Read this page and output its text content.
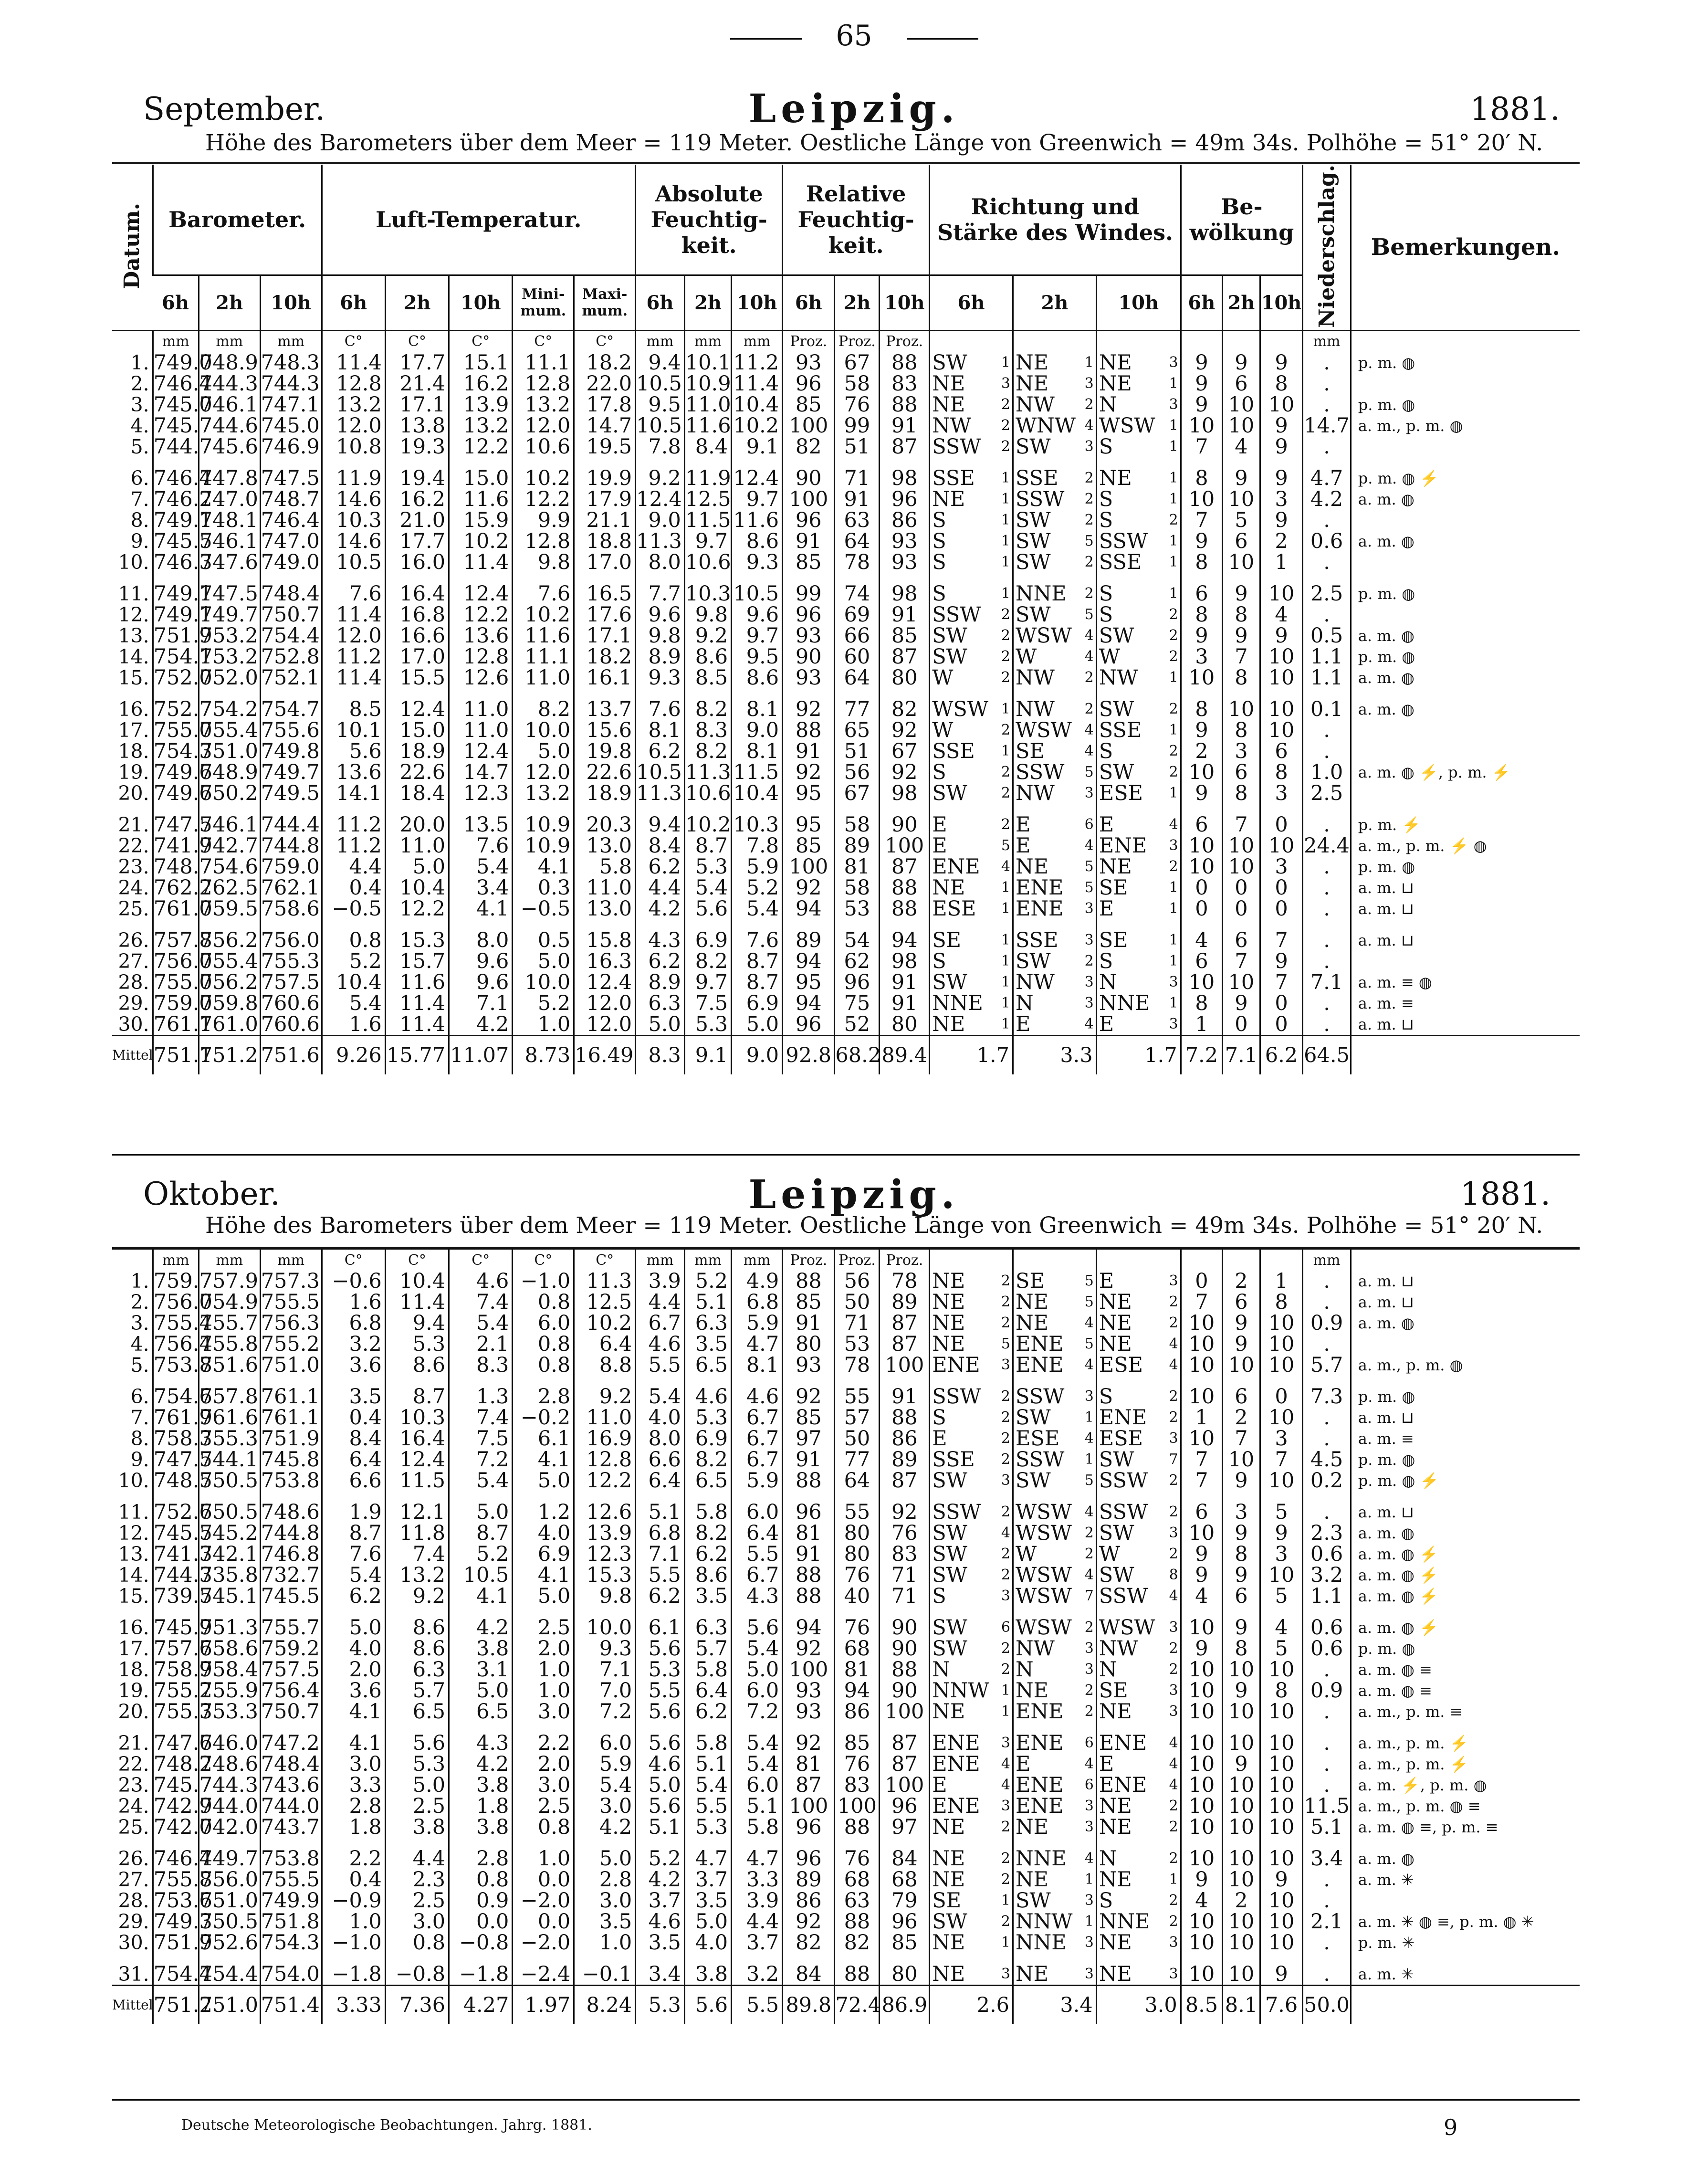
65
September.	Leipzig.	1881.
Höhe des Barometers über dem Meer = 119 Meter. Oestliche Länge von Greenwich = 49m 34s. Polhöhe = 51° 20′ N.
Datum.	Barometer.			Luft-Temperatur.					Absolute Feuchtig- keit.			Relative Feuchtig- keit.			Richtung und Stärke des Windes.			Be- wölkung			Niederschlag.	Bemerkungen.
	6h	2h	10h	6h	2h	10h	Mini- mum.	Maxi- mum.	6h	2h	10h	6h	2h	10h	6h	2h	10h	6h	2h	10h		
	mm	mm	mm	C°	C°	C°	C°	C°	mm	mm	mm	Proz.	Proz.	Proz.							mm	
1.	749.0	748.9	748.3	11.4	17.7	15.1	11.1	18.2	9.4	10.1	11.2	93	67	88	SW 1	NE 1	NE 3	9	9	9	.	p. m. ◍
2.	746.4	744.3	744.3	12.8	21.4	16.2	12.8	22.0	10.5	10.9	11.4	96	58	83	NE 3	NE 3	NE 1	9	6	8	.	
3.	745.0	746.1	747.1	13.2	17.1	13.9	13.2	17.8	9.5	11.0	10.4	85	76	88	NE 2	NW 2	N 3	9	10	10	.	p. m. ◍
4.	745.7	744.6	745.0	12.0	13.8	13.2	12.0	14.7	10.5	11.6	10.2	100	99	91	NW 2	WNW 4	WSW 1	10	10	9	14.7	a. m., p. m. ◍
5.	744.7	745.6	746.9	10.8	19.3	12.2	10.6	19.5	7.8	8.4	9.1	82	51	87	SSW 2	SW 3	S 1	7	4	9	.	

6.	746.4	747.8	747.5	11.9	19.4	15.0	10.2	19.9	9.2	11.9	12.4	90	71	98	SSE 1	SSE 2	NE 1	8	9	9	4.7	p. m. ◍ ⚡
7.	746.2	747.0	748.7	14.6	16.2	11.6	12.2	17.9	12.4	12.5	9.7	100	91	96	NE 1	SSW 2	S 1	10	10	3	4.2	a. m. ◍
8.	749.1	748.1	746.4	10.3	21.0	15.9	9.9	21.1	9.0	11.5	11.6	96	63	86	S 1	SW 2	S 2	7	5	9	.	
9.	745.5	746.1	747.0	14.6	17.7	10.2	12.8	18.8	11.3	9.7	8.6	91	64	93	S 1	SW 5	SSW 1	9	6	2	0.6	a. m. ◍
10.	746.3	747.6	749.0	10.5	16.0	11.4	9.8	17.0	8.0	10.6	9.3	85	78	93	S 1	SW 2	SSE 1	8	10	1	.	

11.	749.1	747.5	748.4	7.6	16.4	12.4	7.6	16.5	7.7	10.3	10.5	99	74	98	S 1	NNE 2	S 1	6	9	10	2.5	p. m. ◍
12.	749.1	749.7	750.7	11.4	16.8	12.2	10.2	17.6	9.6	9.8	9.6	96	69	91	SSW 2	SW 5	S 2	8	8	4	.	
13.	751.9	753.2	754.4	12.0	16.6	13.6	11.6	17.1	9.8	9.2	9.7	93	66	85	SW 2	WSW 4	SW 2	9	9	9	0.5	a. m. ◍
14.	754.1	753.2	752.8	11.2	17.0	12.8	11.1	18.2	8.9	8.6	9.5	90	60	87	SW 2	W 4	W 2	3	7	10	1.1	p. m. ◍
15.	752.0	752.0	752.1	11.4	15.5	12.6	11.0	16.1	9.3	8.5	8.6	93	64	80	W 2	NW 2	NW 1	10	8	10	1.1	a. m. ◍

16.	752.7	754.2	754.7	8.5	12.4	11.0	8.2	13.7	7.6	8.2	8.1	92	77	82	WSW 1	NW 2	SW 2	8	10	10	0.1	a. m. ◍
17.	755.0	755.4	755.6	10.1	15.0	11.0	10.0	15.6	8.1	8.3	9.0	88	65	92	W 2	WSW 4	SSE 1	9	8	10	.	
18.	754.3	751.0	749.8	5.6	18.9	12.4	5.0	19.8	6.2	8.2	8.1	91	51	67	SSE 1	SE 4	S 2	2	3	6	.	
19.	749.6	748.9	749.7	13.6	22.6	14.7	12.0	22.6	10.5	11.3	11.5	92	56	92	S 2	SSW 5	SW 2	10	6	8	1.0	a. m. ◍ ⚡, p. m. ⚡
20.	749.6	750.2	749.5	14.1	18.4	12.3	13.2	18.9	11.3	10.6	10.4	95	67	98	SW 2	NW 3	ESE 1	9	8	3	2.5	

21.	747.5	746.1	744.4	11.2	20.0	13.5	10.9	20.3	9.4	10.2	10.3	95	58	90	E 2	E 6	E 4	6	7	0	.	p. m. ⚡
22.	741.9	742.7	744.8	11.2	11.0	7.6	10.9	13.0	8.4	8.7	7.8	85	89	100	E 5	E 4	ENE 3	10	10	10	24.4	a. m., p. m. ⚡ ◍
23.	748.7	754.6	759.0	4.4	5.0	5.4	4.1	5.8	6.2	5.3	5.9	100	81	87	ENE 4	NE 5	NE 2	10	10	3	.	p. m. ◍
24.	762.2	762.5	762.1	0.4	10.4	3.4	0.3	11.0	4.4	5.4	5.2	92	58	88	NE 1	ENE 5	SE 1	0	0	0	.	a. m. ⊔
25.	761.0	759.5	758.6	−0.5	12.2	4.1	−0.5	13.0	4.2	5.6	5.4	94	53	88	ESE 1	ENE 3	E 1	0	0	0	.	a. m. ⊔

26.	757.8	756.2	756.0	0.8	15.3	8.0	0.5	15.8	4.3	6.9	7.6	89	54	94	SE 1	SSE 3	SE 1	4	6	7	.	a. m. ⊔
27.	756.0	755.4	755.3	5.2	15.7	9.6	5.0	16.3	6.2	8.2	8.7	94	62	98	S 1	SW 2	S 1	6	7	9	.	
28.	755.0	756.2	757.5	10.4	11.6	9.6	10.0	12.4	8.9	9.7	8.7	95	96	91	SW 1	NW 3	N 3	10	10	7	7.1	a. m. ≡ ◍
29.	759.0	759.8	760.6	5.4	11.4	7.1	5.2	12.0	6.3	7.5	6.9	94	75	91	NNE 1	N 3	NNE 1	8	9	0	.	a. m. ≡
30.	761.1	761.0	760.6	1.6	11.4	4.2	1.0	12.0	5.0	5.3	5.0	96	52	80	NE 1	E 4	E 3	1	0	0	.	a. m. ⊔
Mittel	751.1	751.2	751.6	9.26	15.77	11.07	8.73	16.49	8.3	9.1	9.0	92.8	68.2	89.4	1.7	3.3	1.7	7.2	7.1	6.2	64.5	
Oktober.	Leipzig.	1881.
Höhe des Barometers über dem Meer = 119 Meter. Oestliche Länge von Greenwich = 49m 34s. Polhöhe = 51° 20′ N.
	mm	mm	mm	C°	C°	C°	C°	C°	mm	mm	mm	Proz.	Proz.	Proz.							mm	
1.	759.7	757.9	757.3	−0.6	10.4	4.6	−1.0	11.3	3.9	5.2	4.9	88	56	78	NE 2	SE 5	E 3	0	2	1	.	a. m. ⊔
2.	756.0	754.9	755.5	1.6	11.4	7.4	0.8	12.5	4.4	5.1	6.8	85	50	89	NE 2	NE 5	NE 2	7	6	8	.	a. m. ⊔
3.	755.4	755.7	756.3	6.8	9.4	5.4	6.0	10.2	6.7	6.3	5.9	91	71	87	NE 2	NE 4	NE 2	10	9	10	0.9	a. m. ◍
4.	756.4	755.8	755.2	3.2	5.3	2.1	0.8	6.4	4.6	3.5	4.7	80	53	87	NE 5	ENE 5	NE 4	10	9	10	.	
5.	753.8	751.6	751.0	3.6	8.6	8.3	0.8	8.8	5.5	6.5	8.1	93	78	100	ENE 3	ENE 4	ESE 4	10	10	10	5.7	a. m., p. m. ◍

6.	754.6	757.8	761.1	3.5	8.7	1.3	2.8	9.2	5.4	4.6	4.6	92	55	91	SSW 2	SSW 3	S 2	10	6	0	7.3	p. m. ◍
7.	761.9	761.6	761.1	0.4	10.3	7.4	−0.2	11.0	4.0	5.3	6.7	85	57	88	S 2	SW 1	ENE 2	1	2	10	.	a. m. ⊔
8.	758.3	755.3	751.9	8.4	16.4	7.5	6.1	16.9	8.0	6.9	6.7	97	50	86	E 2	ESE 4	ESE 3	10	7	3	.	a. m. ≡
9.	747.5	744.1	745.8	6.4	12.4	7.2	4.1	12.8	6.6	8.2	6.7	91	77	89	SSE 2	SSW 1	SW 7	7	10	7	4.5	p. m. ◍
10.	748.5	750.5	753.8	6.6	11.5	5.4	5.0	12.2	6.4	6.5	5.9	88	64	87	SW 3	SW 5	SSW 2	7	9	10	0.2	p. m. ◍ ⚡

11.	752.6	750.5	748.6	1.9	12.1	5.0	1.2	12.6	5.1	5.8	6.0	96	55	92	SSW 2	WSW 4	SSW 2	6	3	5	.	a. m. ⊔
12.	745.5	745.2	744.8	8.7	11.8	8.7	4.0	13.9	6.8	8.2	6.4	81	80	76	SW 4	WSW 2	SW 3	10	9	9	2.3	a. m. ◍
13.	741.3	742.1	746.8	7.6	7.4	5.2	6.9	12.3	7.1	6.2	5.5	91	80	83	SW 2	W 2	W 2	9	8	3	0.6	a. m. ◍ ⚡
14.	744.3	735.8	732.7	5.4	13.2	10.5	4.1	15.3	5.5	8.6	6.7	88	76	71	SW 2	WSW 4	SW 8	9	9	10	3.2	a. m. ◍ ⚡
15.	739.5	745.1	745.5	6.2	9.2	4.1	5.0	9.8	6.2	3.5	4.3	88	40	71	S 3	WSW 7	SSW 4	4	6	5	1.1	a. m. ◍ ⚡

16.	745.9	751.3	755.7	5.0	8.6	4.2	2.5	10.0	6.1	6.3	5.6	94	76	90	SW 6	WSW 2	WSW 3	10	9	4	0.6	a. m. ◍ ⚡
17.	757.6	758.6	759.2	4.0	8.6	3.8	2.0	9.3	5.6	5.7	5.4	92	68	90	SW 2	NW 3	NW 2	9	8	5	0.6	p. m. ◍
18.	758.9	758.4	757.5	2.0	6.3	3.1	1.0	7.1	5.3	5.8	5.0	100	81	88	N 2	N 3	N 2	10	10	10	.	a. m. ◍ ≡
19.	755.2	755.9	756.4	3.6	5.7	5.0	1.0	7.0	5.5	6.4	6.0	93	94	90	NNW 1	NE 2	SE 3	10	9	8	0.9	a. m. ◍ ≡
20.	755.3	753.3	750.7	4.1	6.5	6.5	3.0	7.2	5.6	6.2	7.2	93	86	100	NE 1	ENE 2	NE 3	10	10	10	.	a. m., p. m. ≡

21.	747.6	746.0	747.2	4.1	5.6	4.3	2.2	6.0	5.6	5.8	5.4	92	85	87	ENE 3	ENE 6	ENE 4	10	10	10	.	a. m., p. m. ⚡
22.	748.2	748.6	748.4	3.0	5.3	4.2	2.0	5.9	4.6	5.1	5.4	81	76	87	ENE 4	E 4	E 4	10	9	10	.	a. m., p. m. ⚡
23.	745.7	744.3	743.6	3.3	5.0	3.8	3.0	5.4	5.0	5.4	6.0	87	83	100	E 4	ENE 6	ENE 4	10	10	10	.	a. m. ⚡, p. m. ◍
24.	742.9	744.0	744.0	2.8	2.5	1.8	2.5	3.0	5.6	5.5	5.1	100	100	96	ENE 3	ENE 3	NE 2	10	10	10	11.5	a. m., p. m. ◍ ≡
25.	742.0	742.0	743.7	1.8	3.8	3.8	0.8	4.2	5.1	5.3	5.8	96	88	97	NE 2	NE 3	NE 2	10	10	10	5.1	a. m. ◍ ≡, p. m. ≡

26.	746.4	749.7	753.8	2.2	4.4	2.8	1.0	5.0	5.2	4.7	4.7	96	76	84	NE 2	NNE 4	N 2	10	10	10	3.4	a. m. ◍
27.	755.8	756.0	755.5	0.4	2.3	0.8	0.0	2.8	4.2	3.7	3.3	89	68	68	NE 2	NE 1	NE 1	9	10	9	.	a. m. ✳
28.	753.6	751.0	749.9	−0.9	2.5	0.9	−2.0	3.0	3.7	3.5	3.9	86	63	79	SE 1	SW 3	S 2	4	2	10	.	
29.	749.3	750.5	751.8	1.0	3.0	0.0	0.0	3.5	4.6	5.0	4.4	92	88	96	SW 2	NNW 1	NNE 2	10	10	10	2.1	a. m. ✳ ◍ ≡, p. m. ◍ ✳
30.	751.9	752.6	754.3	−1.0	0.8	−0.8	−2.0	1.0	3.5	4.0	3.7	82	82	85	NE 1	NNE 3	NE 3	10	10	10	.	p. m. ✳

31.	754.4	754.4	754.0	−1.8	−0.8	−1.8	−2.4	−0.1	3.4	3.8	3.2	84	88	80	NE 3	NE 3	NE 3	10	10	9	.	a. m. ✳
Mittel	751.2	751.0	751.4	3.33	7.36	4.27	1.97	8.24	5.3	5.6	5.5	89.8	72.4	86.9	2.6	3.4	3.0	8.5	8.1	7.6	50.0	
Deutsche Meteorologische Beobachtungen. Jahrg. 1881.	9
